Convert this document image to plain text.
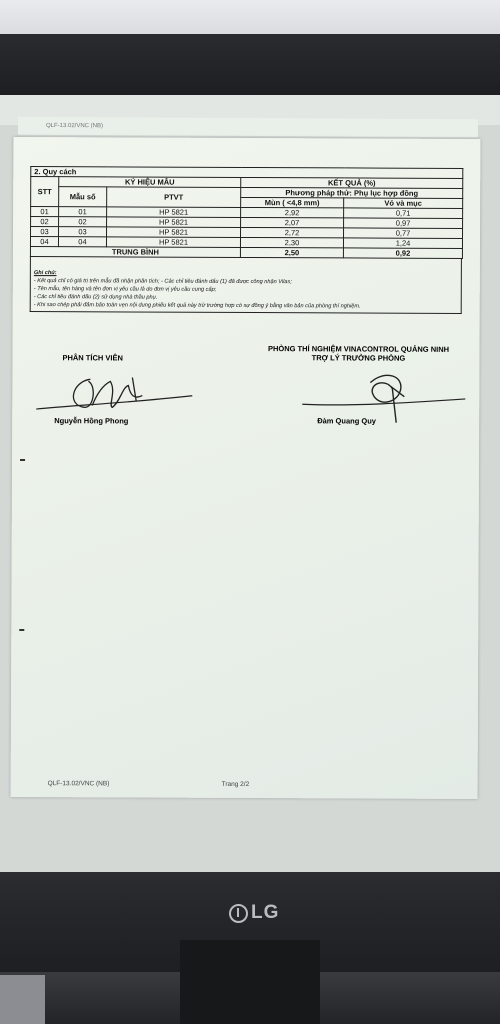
QLF-13.02/VNC (NB)
2. Quy cách				
STT	KÝ HIỆU MẪU		KẾT QUẢ (%)	
	Mẫu số	PTVT	Phương pháp thử: Phụ lục hợp đồng	
			Mùn ( <4,8 mm)	Vỏ và mục
01	01	HP 5821	2,92	0,71
02	02	HP 5821	2,07	0,97
03	03	HP 5821	2,72	0,77
04	04	HP 5821	2,30	1,24
TRUNG BÌNH			2,50	0,92
Ghi chú:
- Kết quả chỉ có giá trị trên mẫu đã nhận phân tích; - Các chỉ tiêu đánh dấu (1) đã được công nhận Vilas;
- Tên mẫu, tên hàng và tên đơn vị yêu cầu là do đơn vị yêu cầu cung cấp;
- Các chỉ tiêu đánh dấu (2) sử dụng nhà thầu phụ.
- Khi sao chép phải đảm bảo toàn vẹn nội dung phiếu kết quả này trừ trường hợp có sự đồng ý bằng văn bản của phòng thí nghiệm.
PHÒNG THÍ NGHIỆM VINACONTROL QUẢNG NINH
TRỢ LÝ TRƯỞNG PHÒNG
PHÂN TÍCH VIÊN
Nguyễn Hồng Phong	Đàm Quang Quy
QLF-13.02/VNC (NB)	Trang 2/2
LG
